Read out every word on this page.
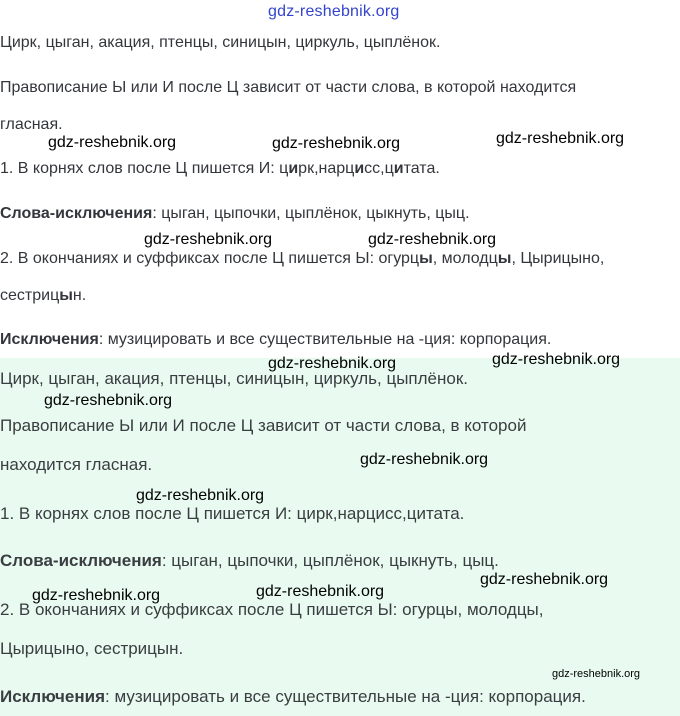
gdz-reshebnik.org
Цирк, цыган, акация, птенцы, синицын, циркуль, цыплёнок.
Правописание Ы или И после Ц зависит от части слова, в которой находится
гласная.
1. В корнях слов после Ц пишется И: цирк,нарцисс,цитата.
Слова-исключения: цыган, цыпочки, цыплёнок, цыкнуть, цыц.
2. В окончаниях и суффиксах после Ц пишется Ы: огурцы, молодцы, Цырицыно,
сестрицын.
Исключения: музицировать и все существительные на -ция: корпорация.
Цирк, цыган, акация, птенцы, синицын, циркуль, цыплёнок.
Правописание Ы или И после Ц зависит от части слова, в которой
находится гласная.
1. В корнях слов после Ц пишется И: цирк,нарцисс,цитата.
Слова-исключения: цыган, цыпочки, цыплёнок, цыкнуть, цыц.
2. В окончаниях и суффиксах после Ц пишется Ы: огурцы, молодцы,
Цырицыно, сестрицын.
Исключения: музицировать и все существительные на -ция: корпорация.
gdz-reshebnik.org	gdz-reshebnik.org	gdz-reshebnik.org
gdz-reshebnik.org	gdz-reshebnik.org
gdz-reshebnik.org	gdz-reshebnik.org
gdz-reshebnik.org
gdz-reshebnik.org
gdz-reshebnik.org
gdz-reshebnik.org
gdz-reshebnik.org	gdz-reshebnik.org
gdz-reshebnik.org
